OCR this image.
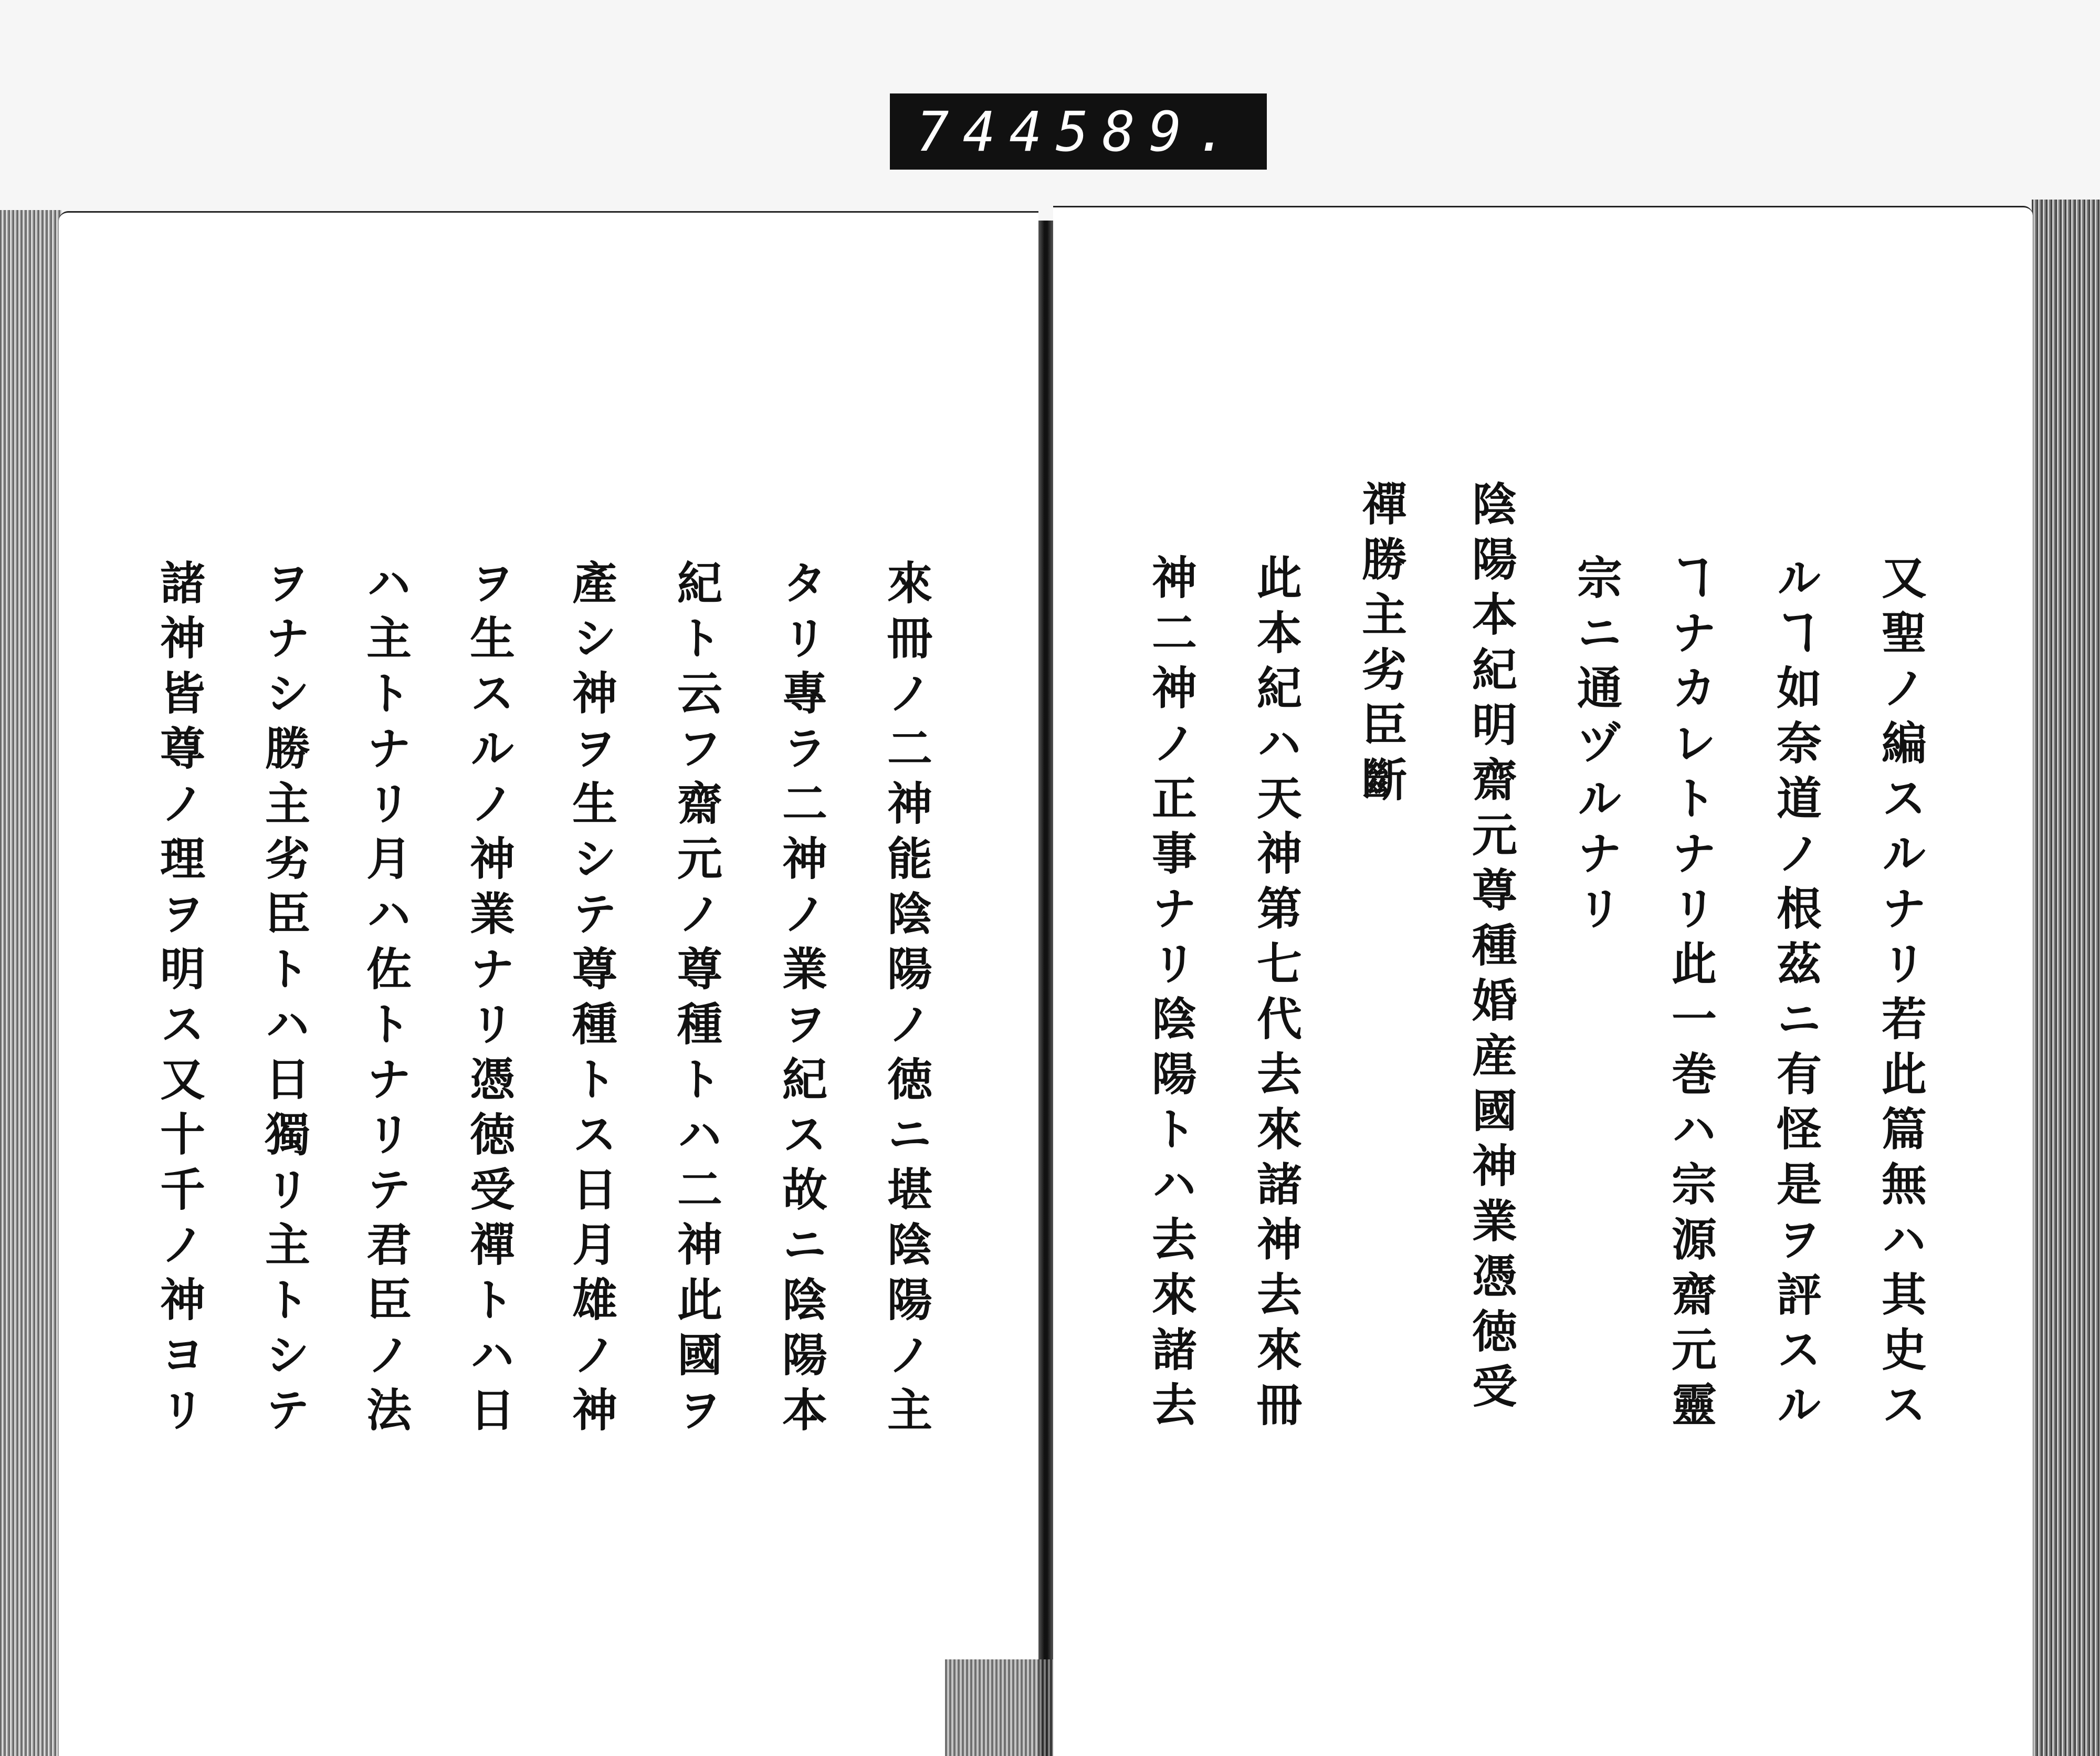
744 589.
來冊ノ二神能陰陽ノ徳ニ堪陰陽ノ主
タリ專ラ二神ノ業ヲ紀ス故ニ陰陽本
紀ト云フ齋元ノ尊種トハ二神此國ヲ
產シ神ヲ生シテ尊種トス日月雄ノ神
ヲ生スルノ神業ナリ憑徳受禪トハ日
ハ主トナリ月ハ佐トナリテ君臣ノ法
ヲナシ勝主劣臣トハ日獨リ主トシテ
諸神皆尊ノ理ヲ明ス又十千ノ神ヨリ	又聖ノ編スルナリ若此篇無ハ其史ス
ルヿ如奈道ノ根茲ニ有怪是ヲ評スル
ヿナカレトナリ此一巻ハ宗源齋元靈
宗ニ通ヅルナリ
陰陽本紀明齋元尊種婚産國神業憑徳受
禪勝主劣臣斷
此本紀ハ天神第七代去來諸神去來冊
神二神ノ正事ナリ陰陽トハ去來諸去
